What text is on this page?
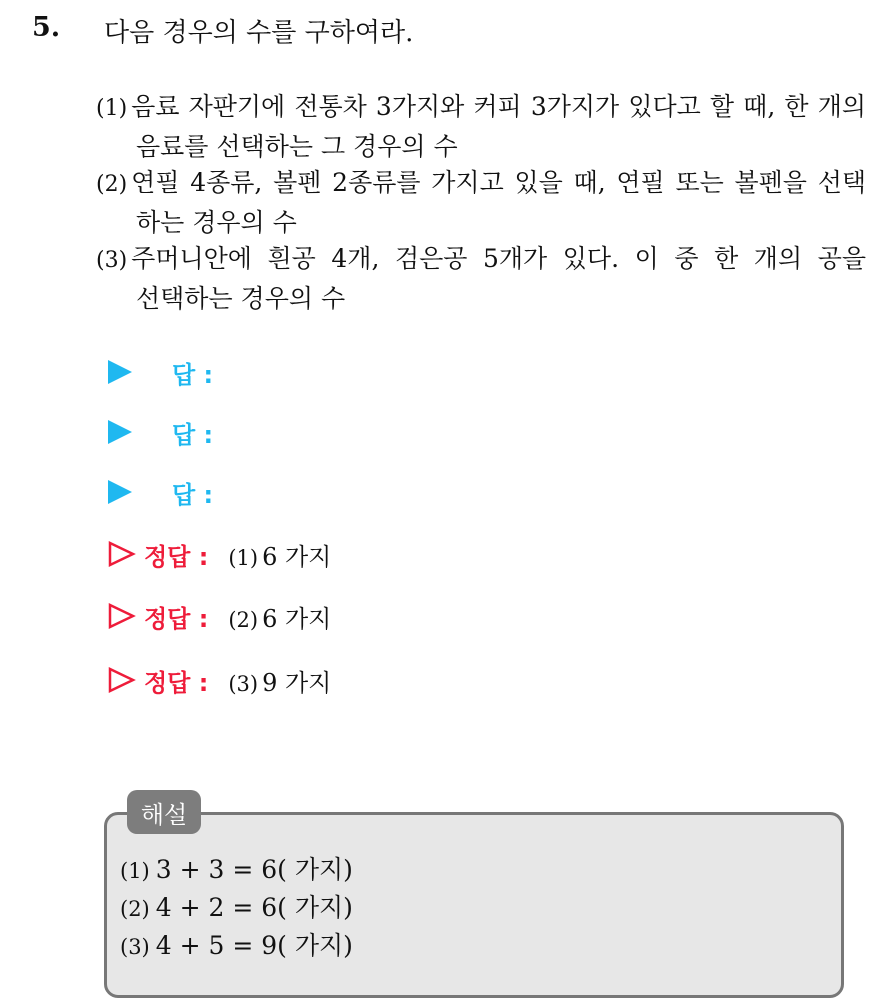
5. 다음 경우의 수를 구하여라.
(1) 음료 자판기에 전통차 3가지와 커피 3가지가 있다고 할 때, 한 개의
음료를 선택하는 그 경우의 수
(2) 연필 4종류, 볼펜 2종류를 가지고 있을 때, 연필 또는 볼펜을 선택
하는 경우의 수
(3) 주머니안에 흰공 4개, 검은공 5개가 있다. 이 중 한 개의 공을
선택하는 경우의 수
답 :
답 :
답 :
정답 : (1) 6 가지
정답 : (2) 6 가지
정답 : (3) 9 가지
해설
(1) 3 + 3 = 6( 가지)
(2) 4 + 2 = 6( 가지)
(3) 4 + 5 = 9( 가지)
